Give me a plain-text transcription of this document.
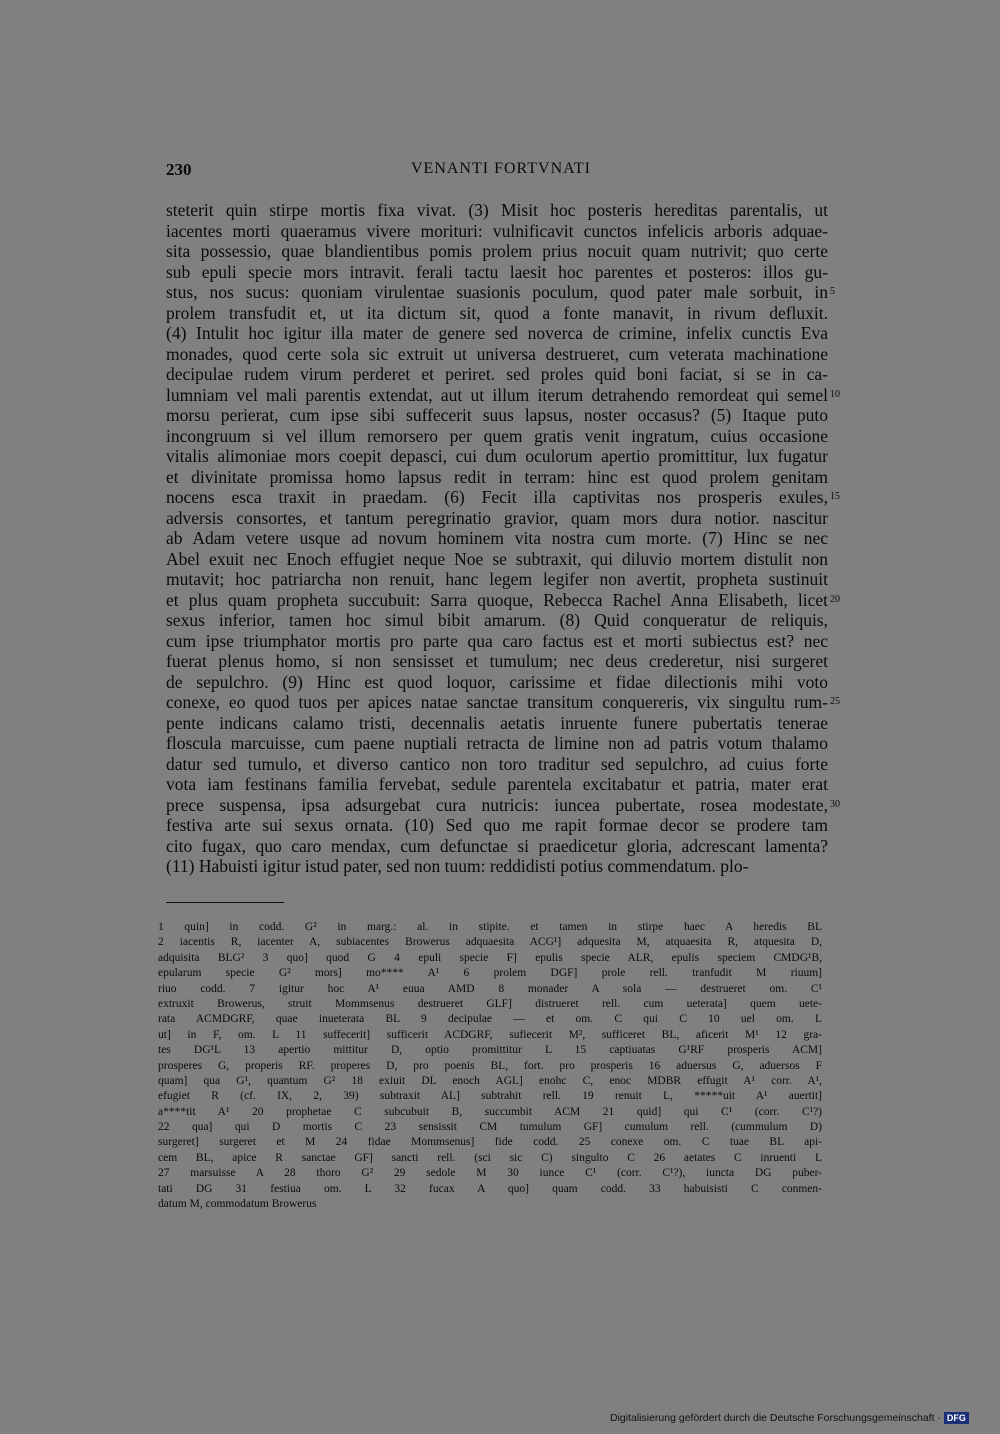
230	VENANTI FORTVNATI
steterit quin stirpe mortis fixa vivat. (3) Misit hoc posteris hereditas parentalis, ut
iacentes morti quaeramus vivere morituri: vulnificavit cunctos infelicis arboris adquae-
sita possessio, quae blandientibus pomis prolem prius nocuit quam nutrivit; quo certe
sub epuli specie mors intravit. ferali tactu laesit hoc parentes et posteros: illos gu-
stus, nos sucus: quoniam virulentae suasionis poculum, quod pater male sorbuit, in
prolem transfudit et, ut ita dictum sit, quod a fonte manavit, in rivum defluxit.
(4) Intulit hoc igitur illa mater de genere sed noverca de crimine, infelix cunctis Eva
monades, quod certe sola sic extruit ut universa destrueret, cum veterata machinatione
decipulae rudem virum perderet et periret. sed proles quid boni faciat, si se in ca-
lumniam vel mali parentis extendat, aut ut illum iterum detrahendo remordeat qui semel
morsu perierat, cum ipse sibi suffecerit suus lapsus, noster occasus? (5) Itaque puto
incongruum si vel illum remorsero per quem gratis venit ingratum, cuius occasione
vitalis alimoniae mors coepit depasci, cui dum oculorum apertio promittitur, lux fugatur
et divinitate promissa homo lapsus redit in terram: hinc est quod prolem genitam
nocens esca traxit in praedam. (6) Fecit illa captivitas nos prosperis exules,
adversis consortes, et tantum peregrinatio gravior, quam mors dura notior. nascitur
ab Adam vetere usque ad novum hominem vita nostra cum morte. (7) Hinc se nec
Abel exuit nec Enoch effugiet neque Noe se subtraxit, qui diluvio mortem distulit non
mutavit; hoc patriarcha non renuit, hanc legem legifer non avertit, propheta sustinuit
et plus quam propheta succubuit: Sarra quoque, Rebecca Rachel Anna Elisabeth, licet
sexus inferior, tamen hoc simul bibit amarum. (8) Quid conqueratur de reliquis,
cum ipse triumphator mortis pro parte qua caro factus est et morti subiectus est? nec
fuerat plenus homo, si non sensisset et tumulum; nec deus crederetur, nisi surgeret
de sepulchro. (9) Hinc est quod loquor, carissime et fidae dilectionis mihi voto
conexe, eo quod tuos per apices natae sanctae transitum conquereris, vix singultu rum-
pente indicans calamo tristi, decennalis aetatis inruente funere pubertatis tenerae
floscula marcuisse, cum paene nuptiali retracta de limine non ad patris votum thalamo
datur sed tumulo, et diverso cantico non toro traditur sed sepulchro, ad cuius forte
vota iam festinans familia fervebat, sedule parentela excitabatur et patria, mater erat
prece suspensa, ipsa adsurgebat cura nutricis: iuncea pubertate, rosea modestate,
festiva arte sui sexus ornata. (10) Sed quo me rapit formae decor se prodere tam
cito fugax, quo caro mendax, cum defunctae si praedicetur gloria, adcrescant lamenta?
(11) Habuisti igitur istud pater, sed non tuum: reddidisti potius commendatum. plo-
5
10
15
20
25
30
1 quin] in codd. G² in marg.: al. in stipite. et tamen in stirpe haec A heredis BL
2 iacentis R, iacenter A, subiacentes Browerus adquaesita ACG¹] adquesita M, atquaesita R, atquesita D,
adquisita BLG² 3 quo] quod G 4 epuli specie F] epulis specie ALR, epulis speciem CMDG¹B,
epularum specie G² mors] mo**** A¹ 6 prolem DGF] prole rell. tranfudit M riuum]
riuo codd. 7 igitur hoc A¹ euua AMD 8 monader A sola — destrueret om. C¹
extruxit Browerus, struit Mommsenus destrueret GLF] distrueret rell. cum ueterata] quem uete-
rata ACMDGRF, quae inueterata BL 9 decipulae — et om. C qui C 10 uel om. L
ut] in F, om. L 11 suffecerit] sufficerit ACDGRF, sufiecerit M², sufficeret BL, aficerit M¹ 12 gra-
tes DG¹L 13 apertio mittitur D, optio promittitur L 15 captiuatas G¹RF prosperis ACM]
prosperes G, properis RF. properes D, pro poenis BL, fort. pro prosperis 16 aduersus G, aduersos F
quam] qua G¹, quantum G² 18 exiuit DL enoch AGL] enohc C, enoc MDBR effugit A¹ corr. A¹,
efugiet R (cf. IX, 2, 39) subtraxit AL] subtrahit rell. 19 renuit L, *****uit A¹ auertit]
a****tit A¹ 20 prophetae C subcubuit B, succumbit ACM 21 quid] qui C¹ (corr. C¹?)
22 qua] qui D mortis C 23 sensissit CM tumulum GF] cumulum rell. (cummulum D)
surgeret] surgeret et M 24 fidae Mommsenus] fide codd. 25 conexe om. C tuae BL api-
cem BL, apice R sanctae GF] sancti rell. (sci sic C) singulto C 26 aetates C inruenti L
27 marsuisse A 28 thoro G² 29 sedole M 30 iunce C¹ (corr. C¹?), iuncta DG puber-
tati DG 31 festiua om. L 32 fucax A quo] quam codd. 33 habuisisti C conmen-
datum M, commodatum Browerus
Digitalisierung gefördert durch die Deutsche Forschungsgemeinschaft · DFG
